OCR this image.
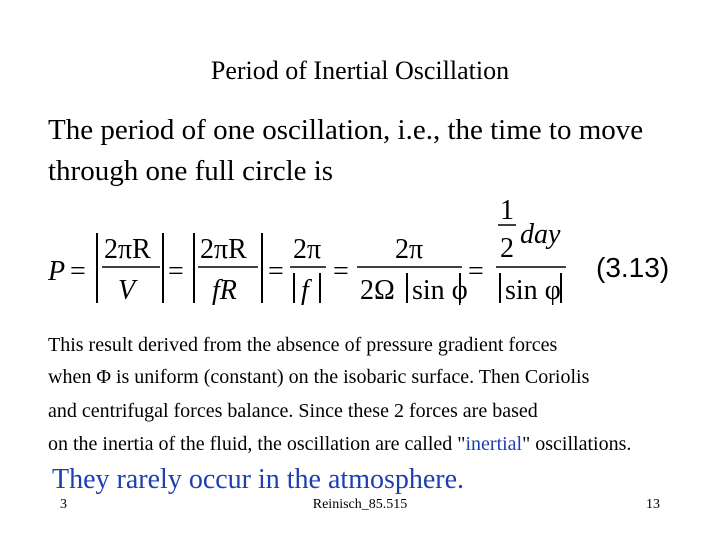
Period of Inertial Oscillation
The period of one oscillation, i.e., the time to move
through one full circle is
P =
2πR
V
=
2πR
fR
=
2π
f
=
2π
2Ω sin φ
=
1
2 day
sin φ
(3.13)
This result derived from the absence of pressure gradient forces
when Φ is uniform (constant) on the isobaric surface. Then Coriolis
and centrifugal forces balance. Since these 2 forces are based
on the inertia of the fluid, the oscillation are called "inertial" oscillations.
They rarely occur in the atmosphere.
3	Reinisch_85.515	13
